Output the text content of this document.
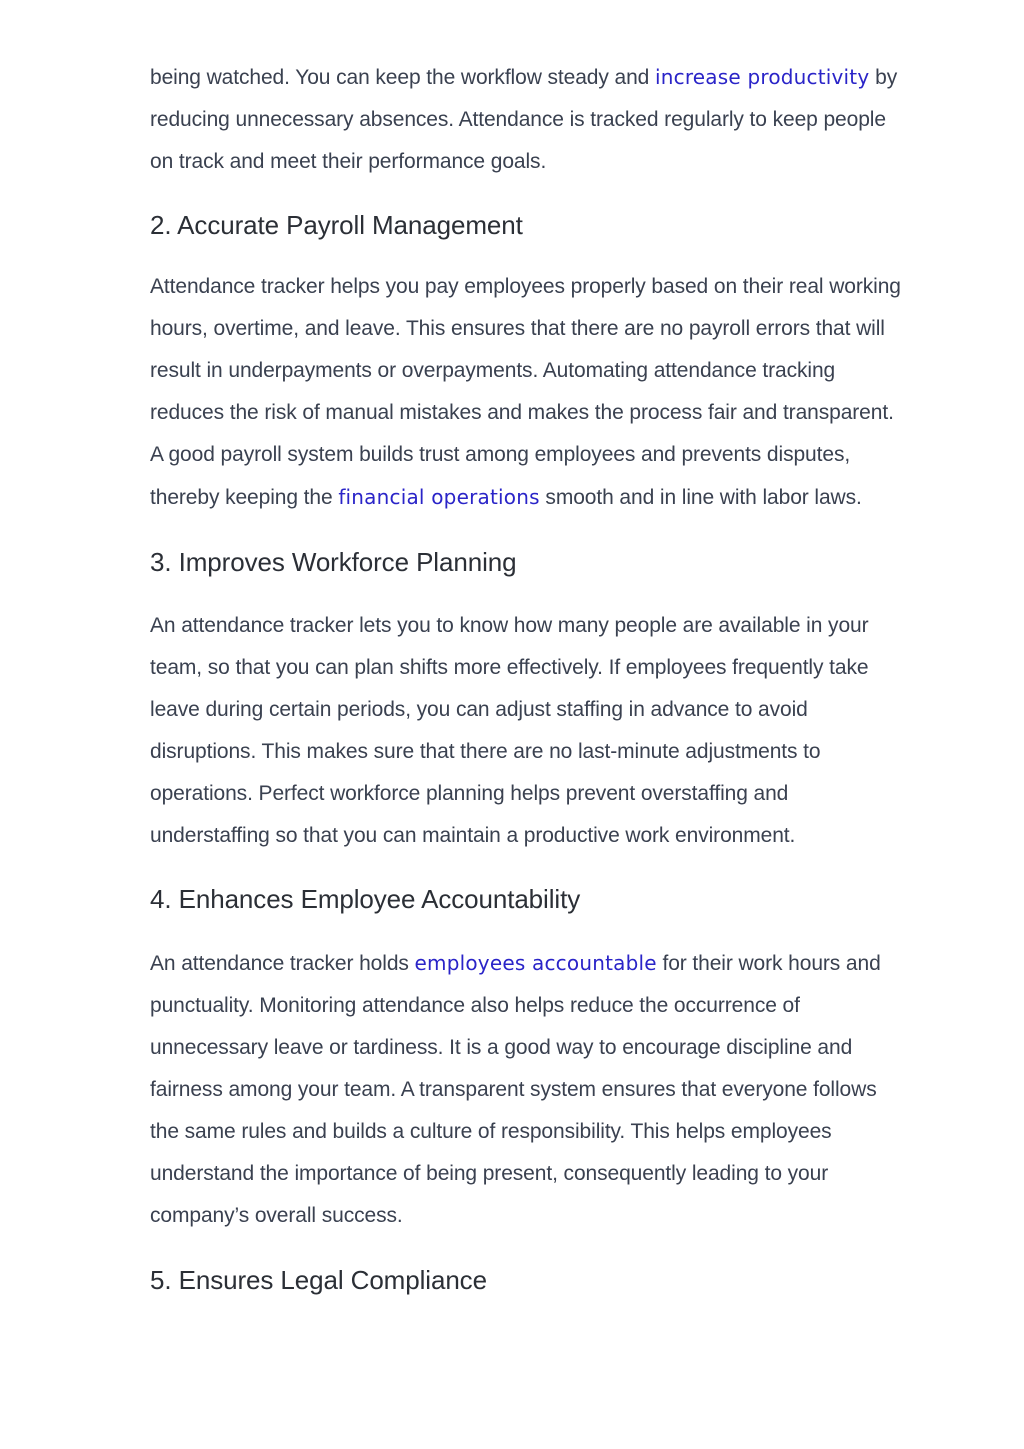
being watched. You can keep the workflow steady and increase productivity by reducing unnecessary absences. Attendance is tracked regularly to keep people on track and meet their performance goals.

2. Accurate Payroll Management

Attendance tracker helps you pay employees properly based on their real working hours, overtime, and leave. This ensures that there are no payroll errors that will result in underpayments or overpayments. Automating attendance tracking reduces the risk of manual mistakes and makes the process fair and transparent. A good payroll system builds trust among employees and prevents disputes, thereby keeping the financial operations smooth and in line with labor laws.

3. Improves Workforce Planning

An attendance tracker lets you to know how many people are available in your team, so that you can plan shifts more effectively. If employees frequently take leave during certain periods, you can adjust staffing in advance to avoid disruptions. This makes sure that there are no last-minute adjustments to operations. Perfect workforce planning helps prevent overstaffing and understaffing so that you can maintain a productive work environment.

4. Enhances Employee Accountability

An attendance tracker holds employees accountable for their work hours and punctuality. Monitoring attendance also helps reduce the occurrence of unnecessary leave or tardiness. It is a good way to encourage discipline and fairness among your team. A transparent system ensures that everyone follows the same rules and builds a culture of responsibility. This helps employees understand the importance of being present, consequently leading to your company’s overall success.

5. Ensures Legal Compliance
